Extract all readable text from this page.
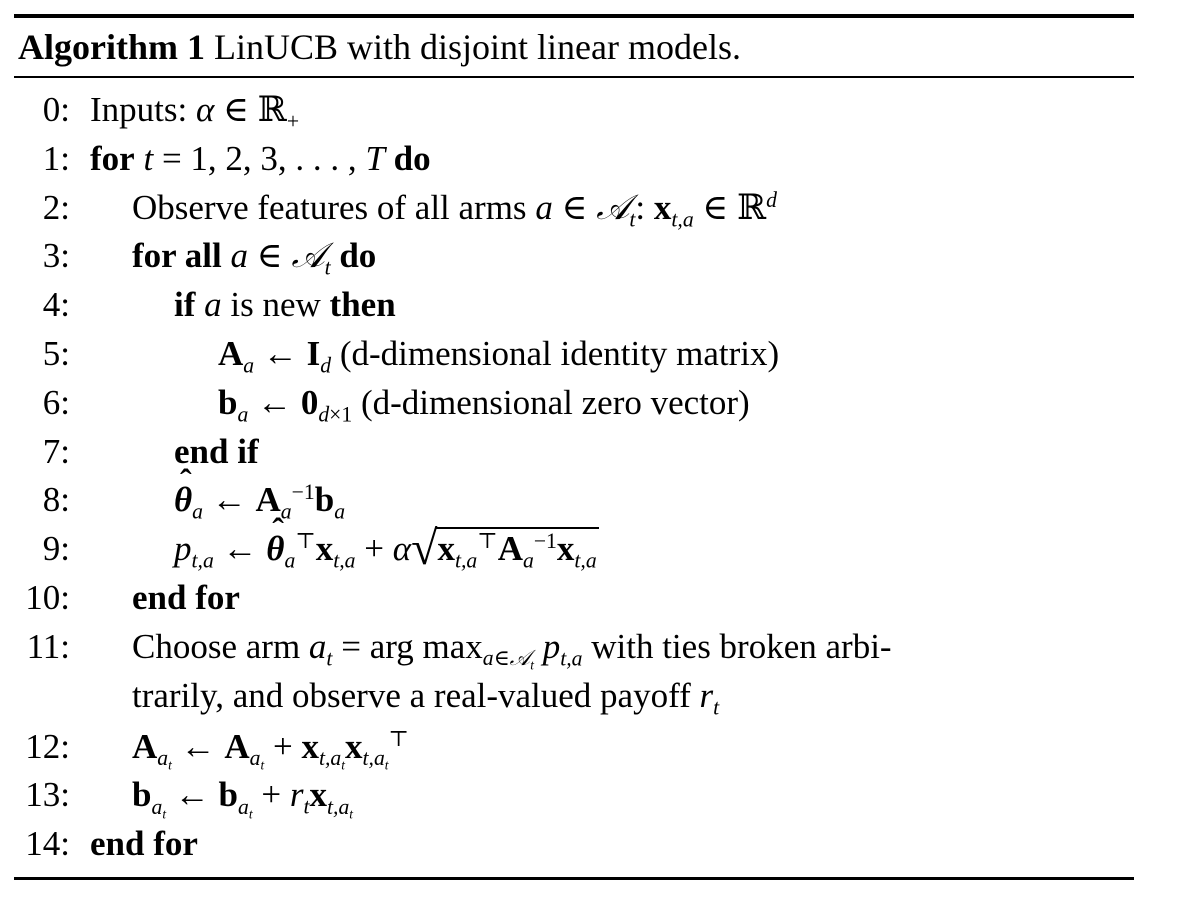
Algorithm 1 LinUCB with disjoint linear models.
0: Inputs: α ∈ ℝ$_+$
1: for t = 1, 2, 3, . . . , T do
2: Observe features of all arms a ∈ 𝒜$_t$: $x_{t,a}$ ∈ ℝ$^d$
3: for all a ∈ 𝒜$_t$ do
4:	if a is new then
5:	$A_a$ ← $I_d$ (d-dimensional identity matrix)
6:	$b_a$ ← $0_{d\times 1}$ (d-dimensional zero vector)
7:	end if
8:
ˆ	$\theta_a$ ← $A_a^{-1}b_a$
9:	$p_{t,a}$ ← ˆ $\theta_a^⊤x_{t,a} + \alpha√x_{t,a}^⊤A_a^{-1}x_{t,a}$
10: end for
11: Choose arm $a_t$ = arg $\max_{a\in 𝒜_t} p_{t,a}$ with ties broken arbi-
trarily, and observe a real-valued payoff $r_t$
12: $A_{a_t}$ ← $A_{a_t} + x_{t,a_t}x_{t,a_t}^⊤$
13: $b_{a_t}$ ← $b_{a_t} + r_tx_{t,a_t}$
14: end for
